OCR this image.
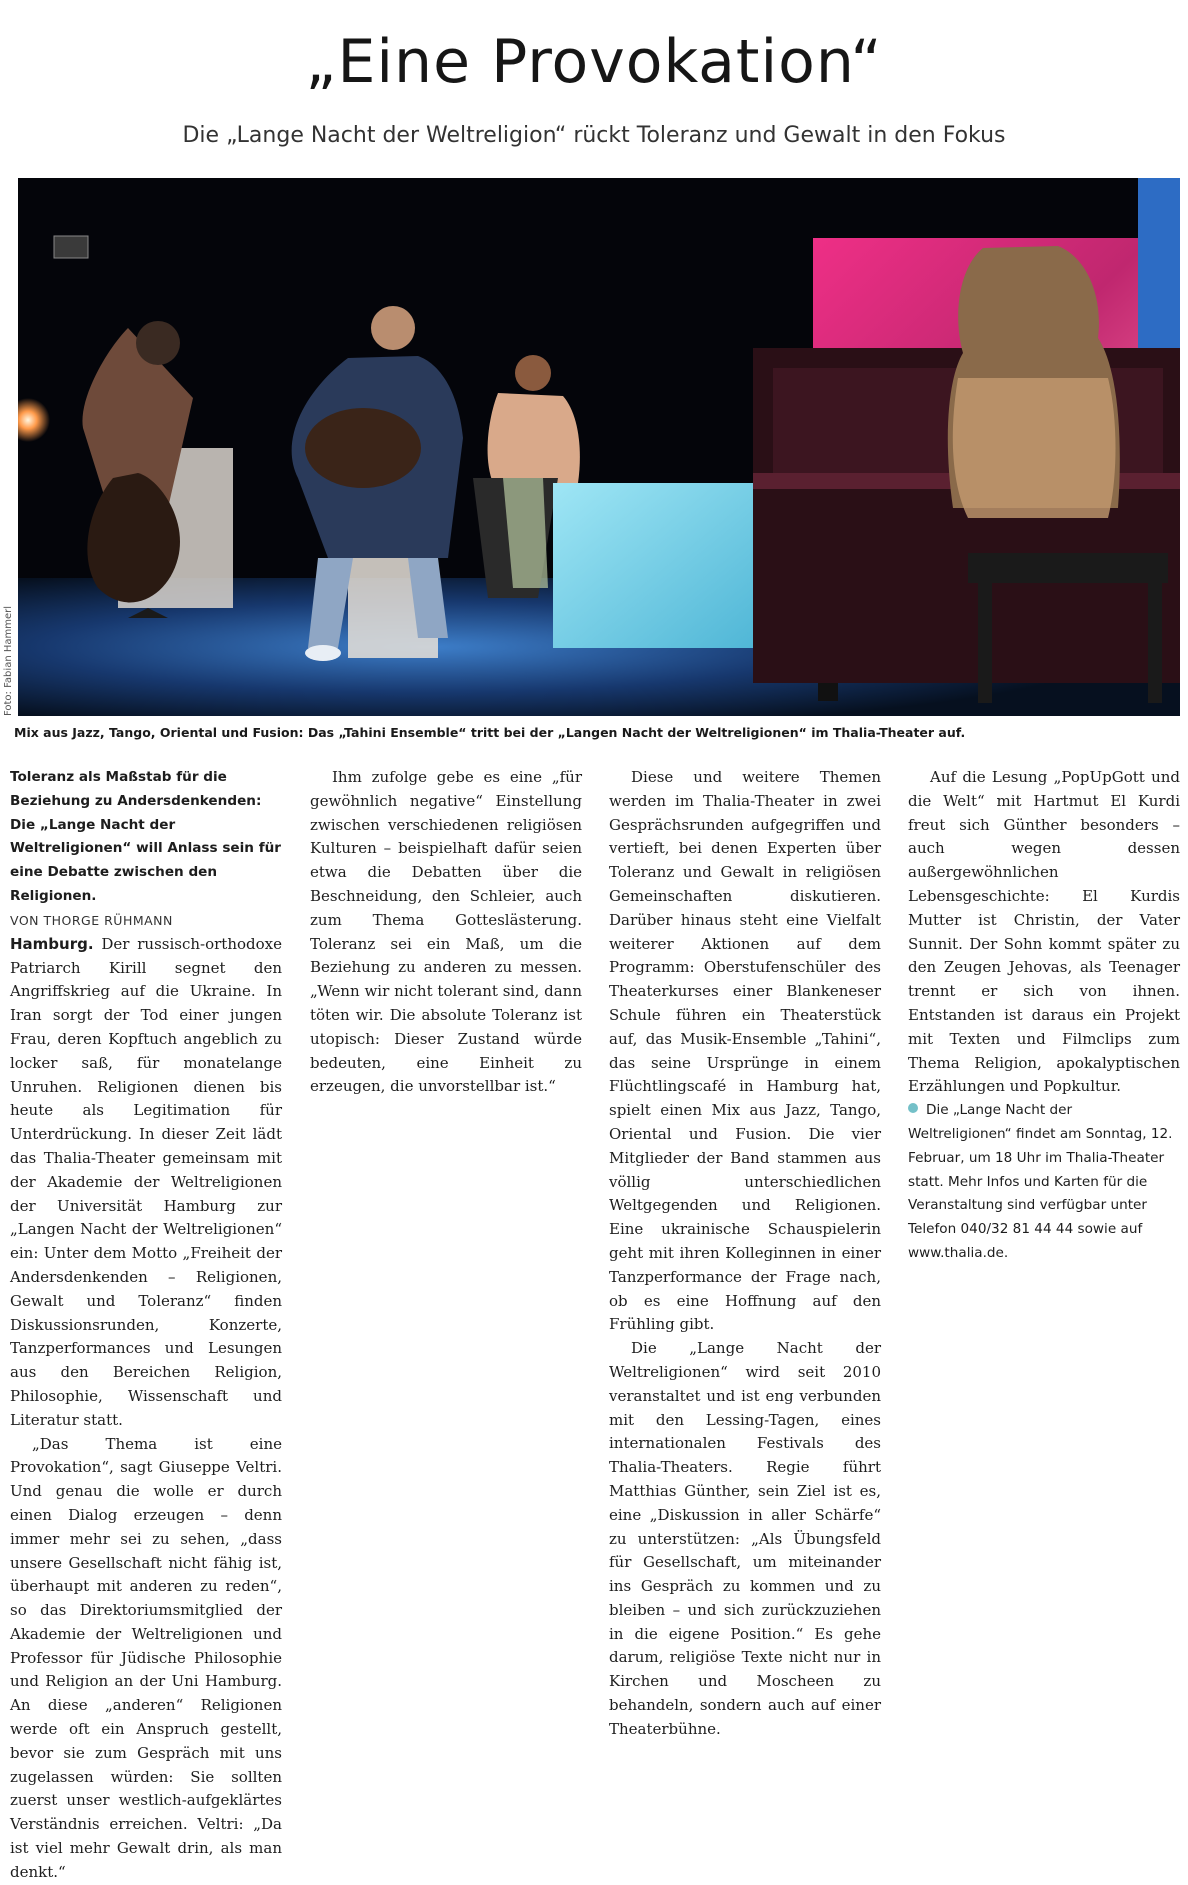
„Eine Provokation“
Die „Lange Nacht der Weltreligion“ rückt Toleranz und Gewalt in den Fokus
Foto: Fabian Hammerl

Mix aus Jazz, Tango, Oriental und Fusion: Das „Tahini Ensemble“ tritt bei der „Langen Nacht der Weltreligionen“ im Thalia-Theater auf.

Toleranz als Maßstab für die Beziehung zu Andersdenkenden: Die „Lange Nacht der Weltreligionen“ will Anlass sein für eine Debatte zwischen den Religionen.

VON THORGE RÜHMANN

Hamburg. Der russisch-orthodoxe Patriarch Kirill segnet den Angriffskrieg auf die Ukraine. In Iran sorgt der Tod einer jungen Frau, deren Kopftuch angeblich zu locker saß, für monatelange Unruhen. Religionen dienen bis heute als Legitimation für Unterdrückung. In dieser Zeit lädt das Thalia-Theater gemeinsam mit der Akademie der Weltreligionen der Universität Hamburg zur „Langen Nacht der Weltreligionen“ ein: Unter dem Motto „Freiheit der Andersdenkenden – Religionen, Gewalt und Toleranz“ finden Diskussionsrunden, Konzerte, Tanzperformances und Lesungen aus den Bereichen Religion, Philosophie, Wissenschaft und Literatur statt.

„Das Thema ist eine Provokation“, sagt Giuseppe Veltri. Und genau die wolle er durch einen Dialog erzeugen – denn immer mehr sei zu sehen, „dass unsere Gesellschaft nicht fähig ist, überhaupt mit anderen zu reden“, so das Direktoriumsmitglied der Akademie der Weltreligionen und Professor für Jüdische Philosophie und Religion an der Uni Hamburg. An diese „anderen“ Religionen werde oft ein Anspruch gestellt, bevor sie zum Gespräch mit uns zugelassen würden: Sie sollten zuerst unser westlich-aufgeklärtes Verständnis erreichen. Veltri: „Da ist viel mehr Gewalt drin, als man denkt.“

Ihm zufolge gebe es eine „für gewöhnlich negative“ Einstellung zwischen verschiedenen religiösen Kulturen – beispielhaft dafür seien etwa die Debatten über die Beschneidung, den Schleier, auch zum Thema Gotteslästerung. Toleranz sei ein Maß, um die Beziehung zu anderen zu messen. „Wenn wir nicht tolerant sind, dann töten wir. Die absolute Toleranz ist utopisch: Dieser Zustand würde bedeuten, eine Einheit zu erzeugen, die unvorstellbar ist.“

Diese und weitere Themen werden im Thalia-Theater in zwei Gesprächsrunden aufgegriffen und vertieft, bei denen Experten über Toleranz und Gewalt in religiösen Gemeinschaften diskutieren. Darüber hinaus steht eine Vielfalt weiterer Aktionen auf dem Programm: Oberstufenschüler des Theaterkurses einer Blankeneser Schule führen ein Theaterstück auf, das Musik-Ensemble „Tahini“, das seine Ursprünge in einem Flüchtlingscafé in Hamburg hat, spielt einen Mix aus Jazz, Tango, Oriental und Fusion. Die vier Mitglieder der Band stammen aus völlig unterschiedlichen Weltgegenden und Religionen. Eine ukrainische Schauspielerin geht mit ihren Kolleginnen in einer Tanzperformance der Frage nach, ob es eine Hoffnung auf den Frühling gibt.

Die „Lange Nacht der Weltreligionen“ wird seit 2010 veranstaltet und ist eng verbunden mit den Lessing-Tagen, eines internationalen Festivals des Thalia-Theaters. Regie führt Matthias Günther, sein Ziel ist es, eine „Diskussion in aller Schärfe“ zu unterstützen: „Als Übungsfeld für Gesellschaft, um miteinander ins Gespräch zu kommen und zu bleiben – und sich zurückzuziehen in die eigene Position.“ Es gehe darum, religiöse Texte nicht nur in Kirchen und Moscheen zu behandeln, sondern auch auf einer Theaterbühne.

Auf die Lesung „PopUpGott und die Welt“ mit Hartmut El Kurdi freut sich Günther besonders – auch wegen dessen außergewöhnlichen Lebensgeschichte: El Kurdis Mutter ist Christin, der Vater Sunnit. Der Sohn kommt später zu den Zeugen Jehovas, als Teenager trennt er sich von ihnen. Entstanden ist daraus ein Projekt mit Texten und Filmclips zum Thema Religion, apokalyptischen Erzählungen und Popkultur.

Die „Lange Nacht der Weltreligionen“ findet am Sonntag, 12. Februar, um 18 Uhr im Thalia-Theater statt. Mehr Infos und Karten für die Veranstaltung sind verfügbar unter Telefon 040/32 81 44 44 sowie auf www.thalia.de.
